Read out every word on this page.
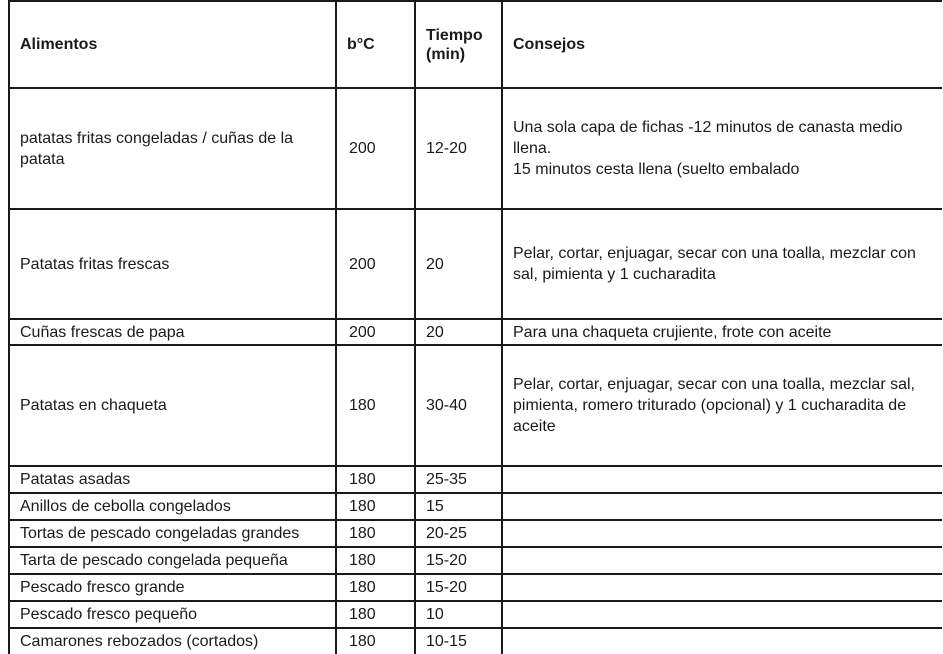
Alimentos	b°C	Tiempo (min)	Consejos
patatas fritas congeladas / cuñas de la patata	200	12-20	Una sola capa de fichas -12 minutos de canasta medio llena.
15 minutos cesta llena (suelto embalado

Patatas fritas frescas	200	20	Pelar, cortar, enjuagar, secar con una toalla, mezclar con sal, pimienta y 1 cucharadita
Cuñas frescas de papa	200	20	Para una chaqueta crujiente, frote con aceite
Patatas en chaqueta	180	30-40	Pelar, cortar, enjuagar, secar con una toalla, mezclar sal, pimienta, romero triturado (opcional) y 1 cucharadita de aceite
Patatas asadas	180	25-35	
Anillos de cebolla congelados	180	15	
Tortas de pescado congeladas grandes	180	20-25	
Tarta de pescado congelada pequeña	180	15-20	
Pescado fresco grande	180	15-20	
Pescado fresco pequeño	180	10	
Camarones rebozados (cortados)	180	10-15	
